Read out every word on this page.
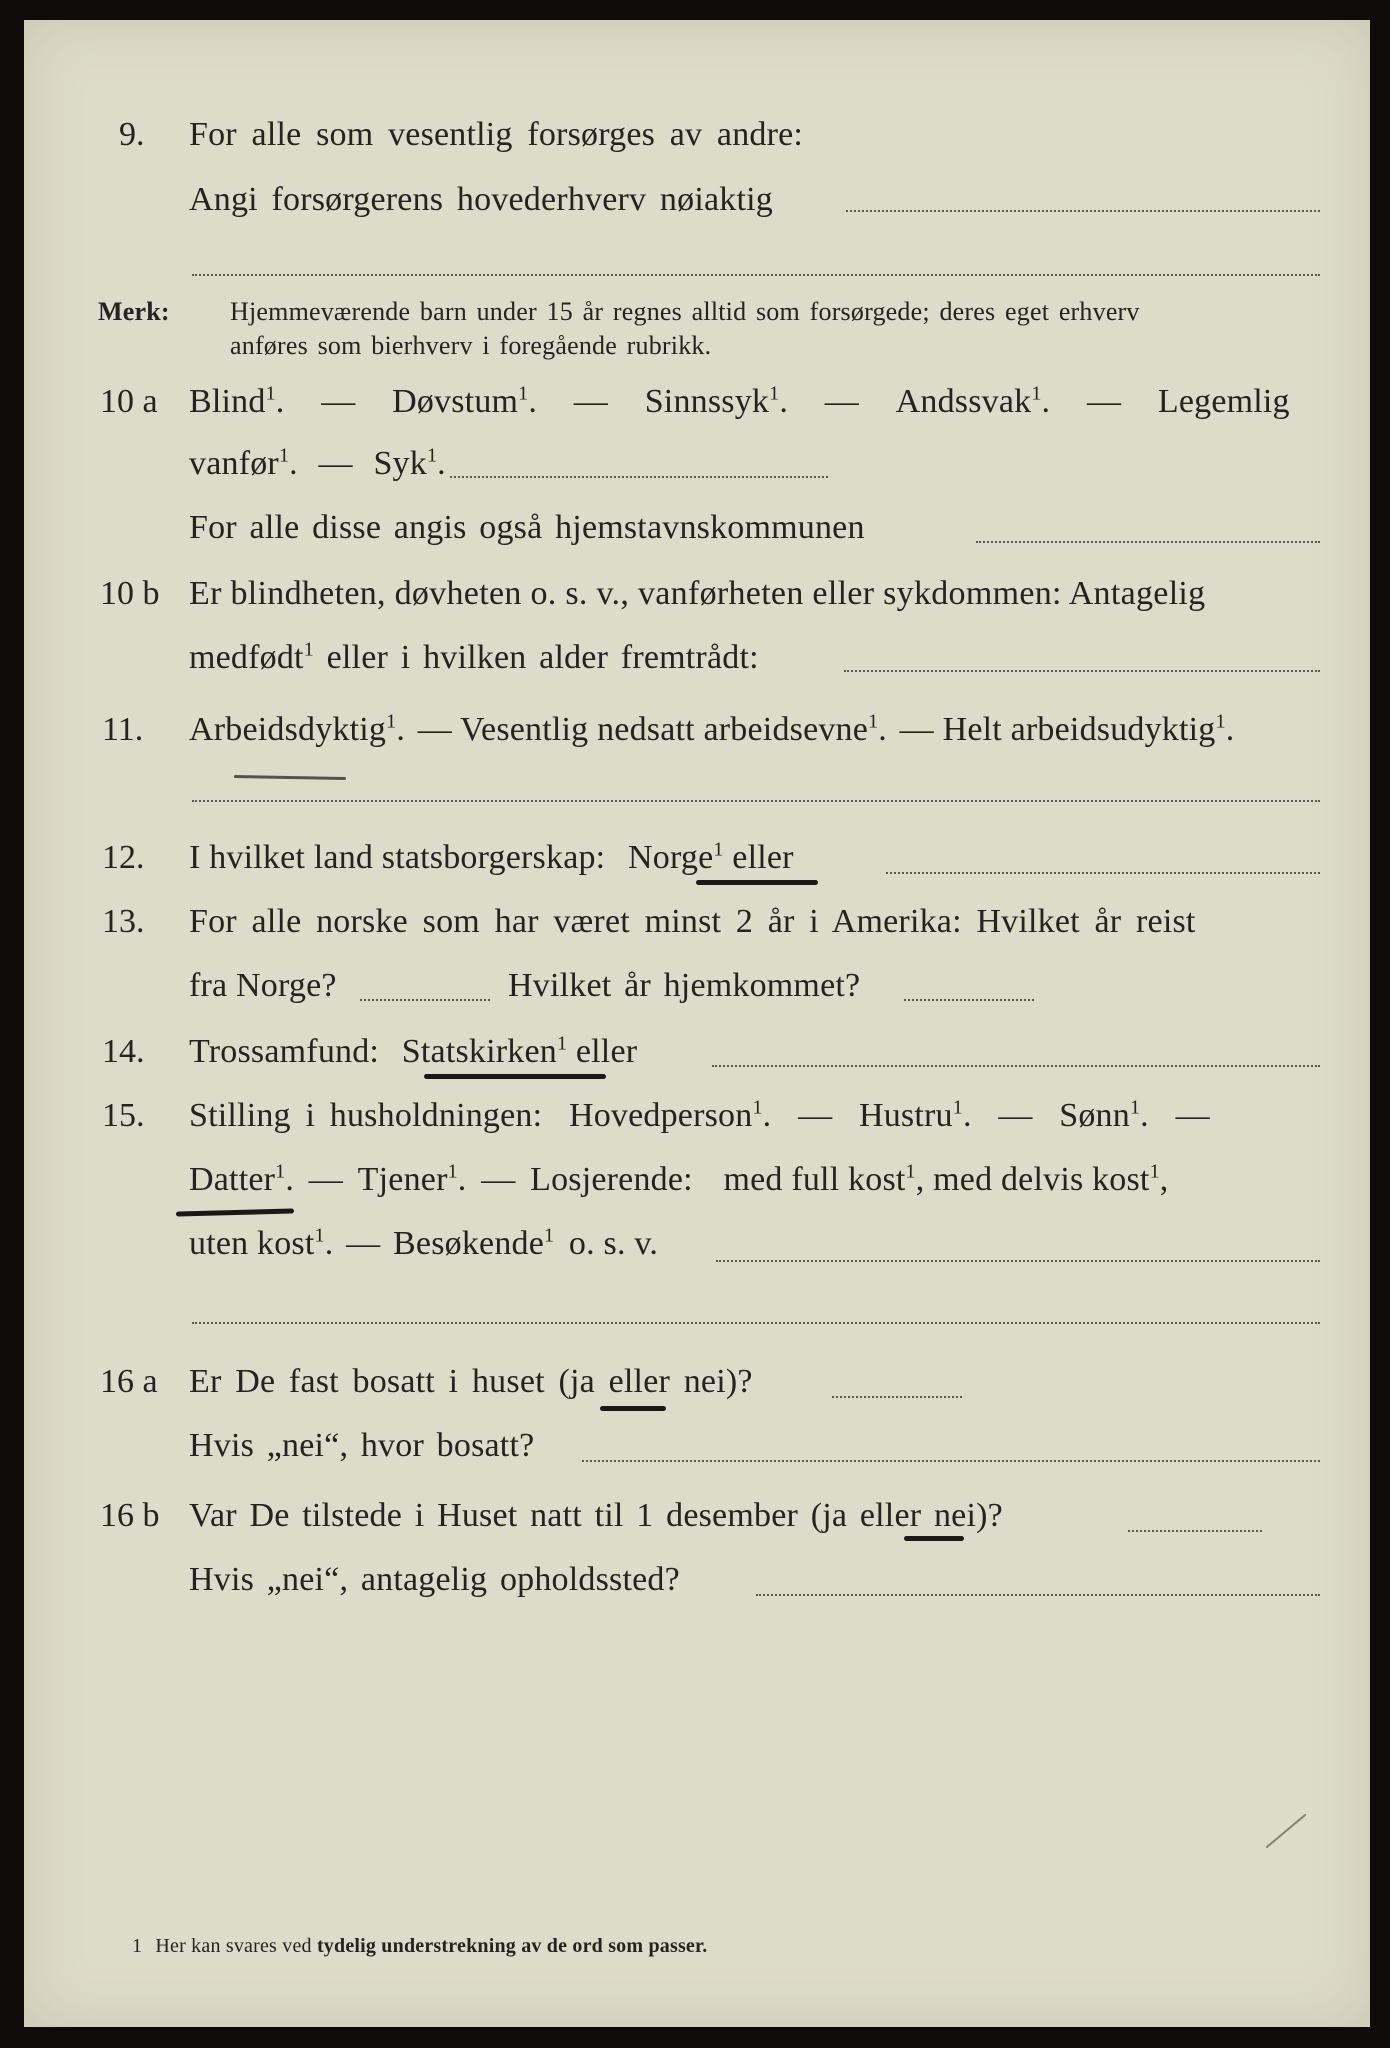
9. For alle som vesentlig forsørges av andre:
Angi forsørgerens hovederhverv nøiaktig
Merk: Hjemmeværende barn under 15 år regnes alltid som forsørgede; deres eget erhverv
anføres som bierhverv i foregående rubrikk.
10 a Blind$^1$. — Døvstum$^1$. — Sinnssyk$^1$. — Andssvak$^1$. — Legemlig
vanfør$^1$. — Syk$^1$.
For alle disse angis også hjemstavnskommunen
10 b Er blindheten, døvheten o. s. v., vanførheten eller sykdommen: Antagelig
medfødt$^1$ eller i hvilken alder fremtrådt:
11. Arbeidsdyktig$^1$. — Vesentlig nedsatt arbeidsevne$^1$. — Helt arbeidsudyktig$^1$.
12. I hvilket land statsborgerskap: Norge$^1$ eller
13. For alle norske som har været minst 2 år i Amerika: Hvilket år reist
fra Norge?	Hvilket år hjemkommet?
14. Trossamfund: Statskirken$^1$ eller
15. Stilling i husholdningen: Hovedperson$^1$. — Hustru$^1$. — Sønn$^1$. —
Datter$^1$. — Tjener$^1$. — Losjerende: med full kost$^1$, med delvis kost$^1$,
uten kost$^1$. — Besøkende$^1$ o. s. v.
16 a Er De fast bosatt i huset (ja eller nei)?
Hvis „nei“, hvor bosatt?
16 b Var De tilstede i Huset natt til 1 desember (ja eller nei)?
Hvis „nei“, antagelig opholdssted?
1 Her kan svares ved tydelig understrekning av de ord som passer.
